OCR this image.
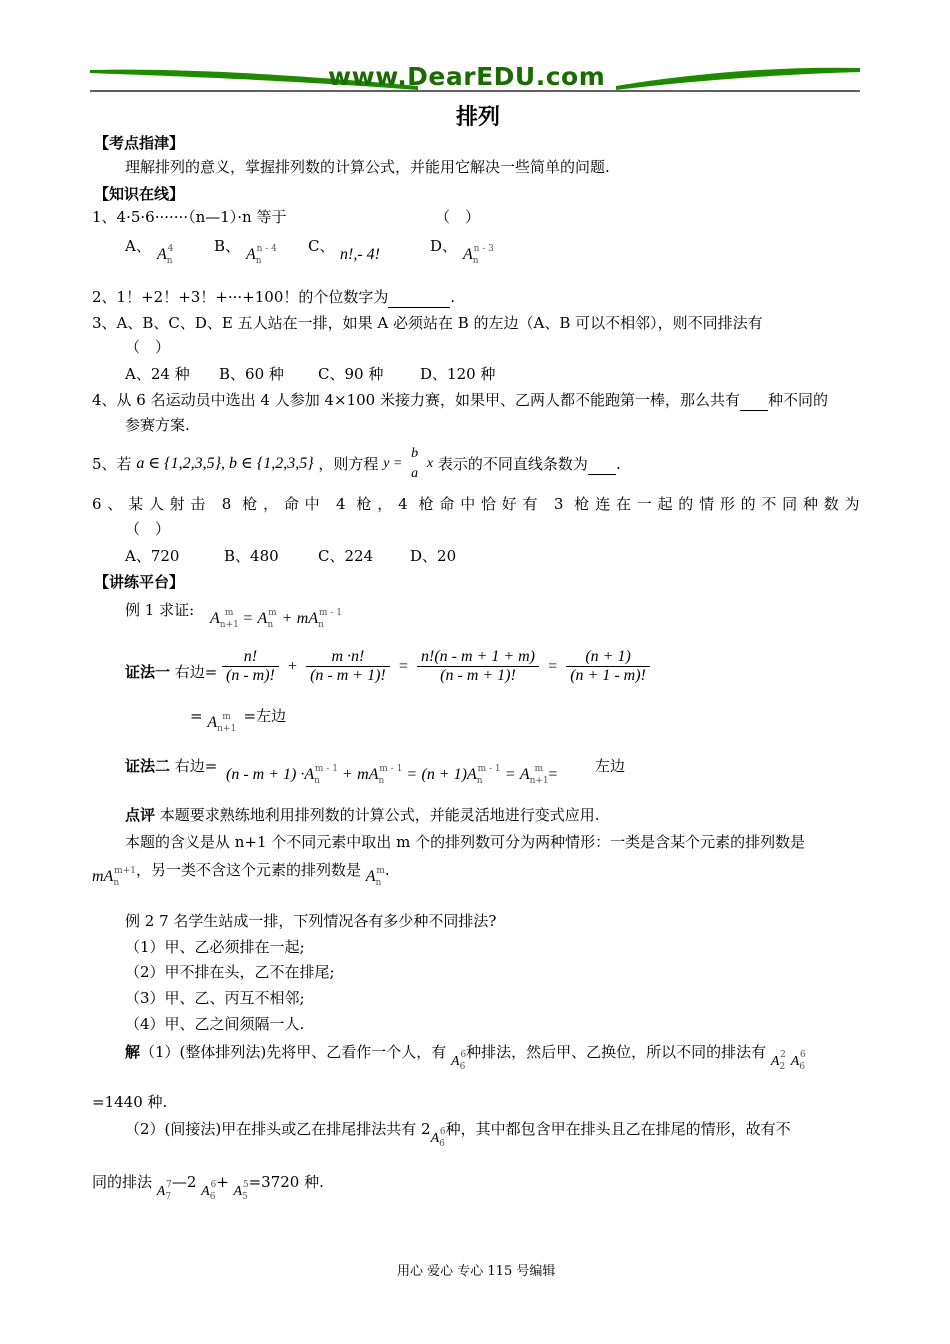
www.DearEDU.com
排列
【考点指津】
理解排列的意义，掌握排列数的计算公式，并能用它解决一些简单的问题.
【知识在线】
1、4·5·6·······（n—1）·n 等于	（　）
A、 $A_n^4$	B、 $A_n^{n - 4}$ C、 n!,- 4!	D、 $A_n^{n - 3}$
2、1！+2！+3！+···+100！的个位数字为	.
3、A、B、C、D、E 五人站在一排，如果 A 必须站在 B 的左边（A、B 可以不相邻），则不同排法有
（　）
A、24 种 B、60 种 C、90 种 D、120 种
4、从 6 名运动员中选出 4 人参加 4×100 米接力赛，如果甲、乙两人都不能跑第一棒，那么共有 种不同的
参赛方案.
5、若 a ∈ {1,2,3,5}, b ∈ {1,2,3,5} ，则方程 y =
b
a
x 表示的不同直线条数为 .
6、某人射击 8 枪，命中 4 枪，4 枪命中恰好有 3 枪连在一起的情形的不同种数为
（　）
A、720	B、480	C、224 D、20
【讲练平台】
例 1 求证: $A_{n+1}^m = A_n^m + mA_n^{m - 1}$
证法一 右边= $\frac{n!}{(n - m)!} + \frac{m \cdot n!}{(n - m + 1)!} = \frac{n!(n - m + 1 + m)}{(n - m + 1)!} = \frac{(n + 1)}{(n + 1 - m)!}$
= $A_{n+1}^m$ =左边
证法二 右边= $(n - m + 1) \cdot A_n^{m - 1} + mA_n^{m - 1} = (n + 1)A_n^{m - 1} = A_{n+1}^m$ =	左边
点评 本题要求熟练地利用排列数的计算公式，并能灵活地进行变式应用.
本题的含义是从 n+1 个不同元素中取出 m 个的排列数可分为两种情形：一类是含某个元素的排列数是
$mA_n^{m+1}$，另一类不含这个元素的排列数是 $A_n^m$.
例 2 7 名学生站成一排，下列情况各有多少种不同排法?
（1）甲、乙必须排在一起;
（2）甲不排在头，乙不在排尾;
（3）甲、乙、丙互不相邻;
（4）甲、乙之间须隔一人.
解（1）(整体排列法)先将甲、乙看作一个人，有 $A_6^6$种排法，然后甲、乙换位，所以不同的排法有 $A_2^2$ $A_6^6$
=1440 种.
（2）(间接法)甲在排头或乙在排尾排法共有 $2A_6^6$种，其中都包含甲在排头且乙在排尾的情形，故有不
同的排法 $A_7^7—2$ $A_6^6+ A_5^5=3720$ 种.
用心 爱心 专心 115 号编辑
